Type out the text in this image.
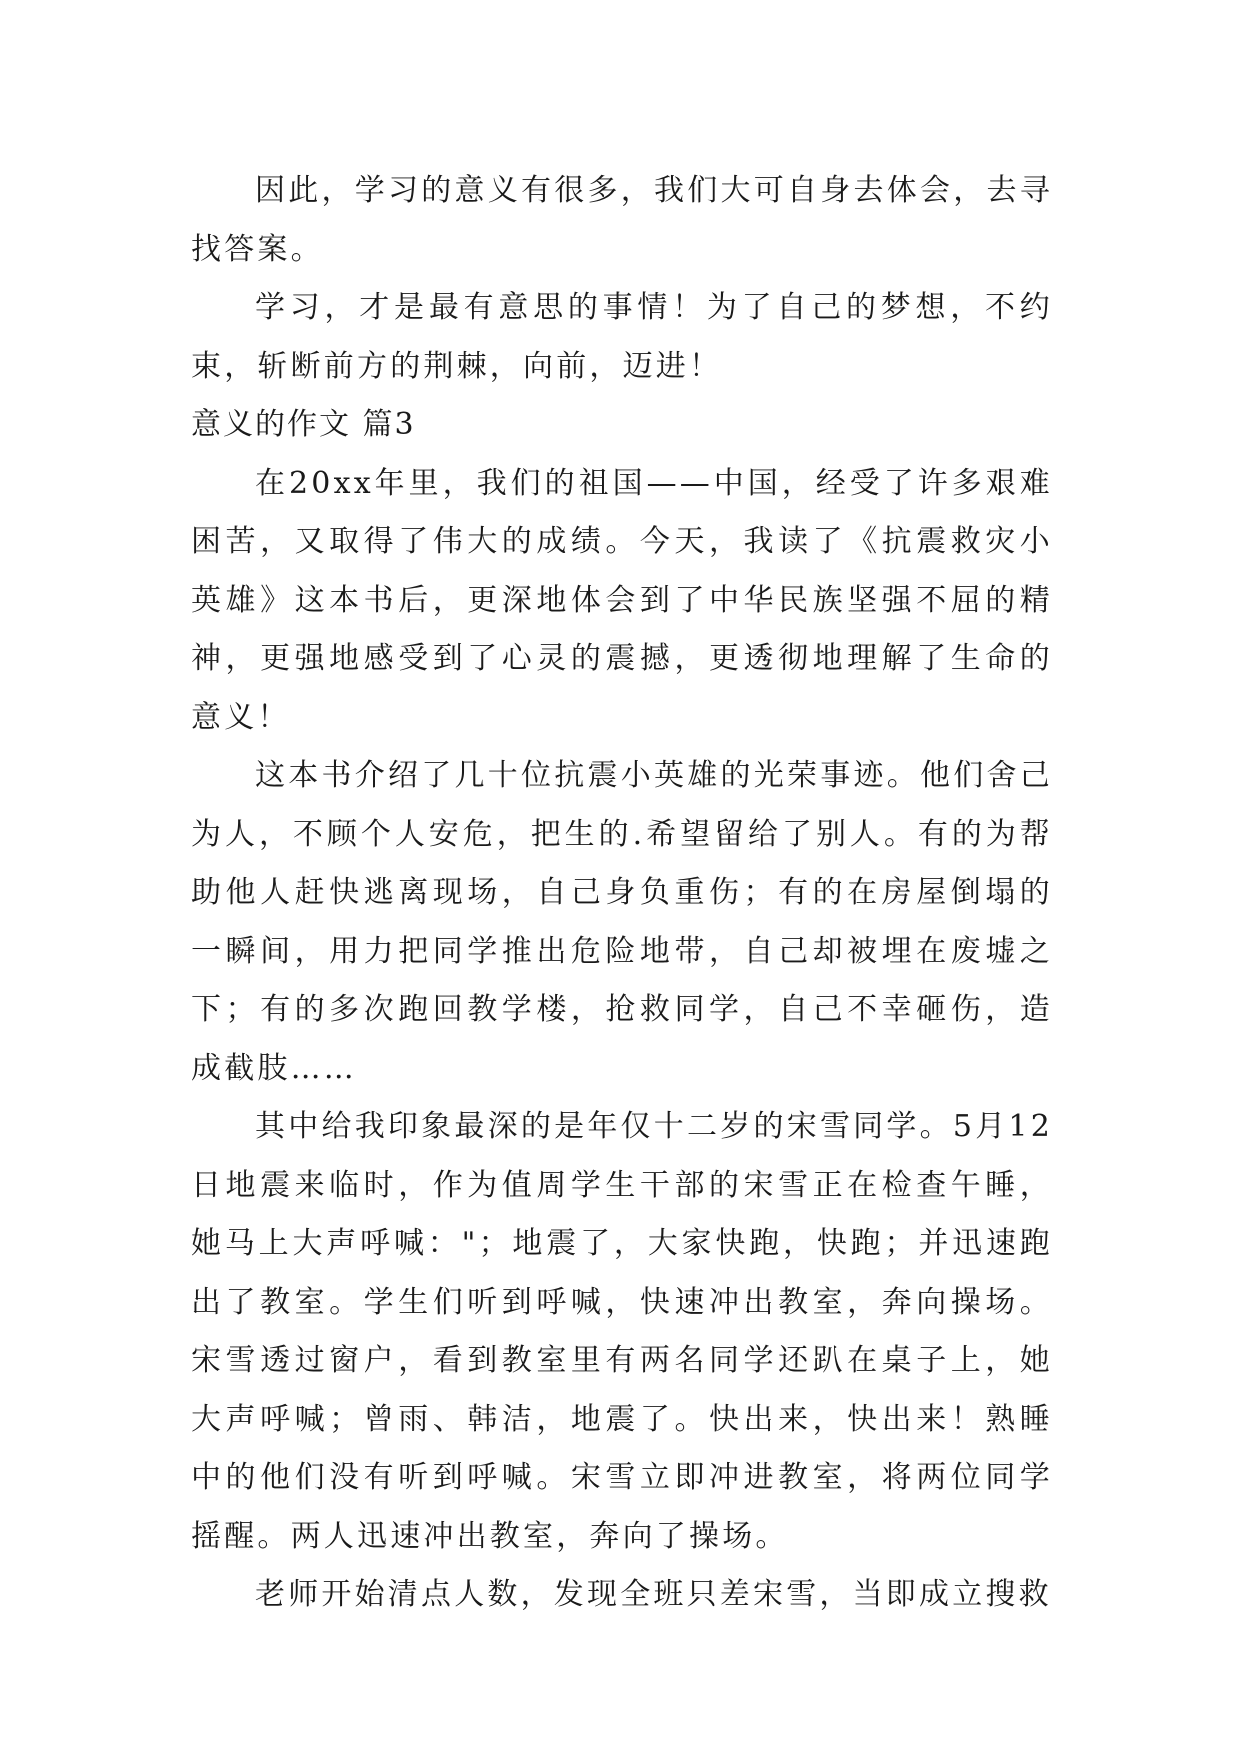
因此，学习的意义有很多，我们大可自身去体会，去寻找答案。

学习，才是最有意思的事情！为了自己的梦想，不约束，斩断前方的荆棘，向前，迈进！

意义的作文 篇3

在20xx年里，我们的祖国——中国，经受了许多艰难困苦，又取得了伟大的成绩。今天，我读了《抗震救灾小英雄》这本书后，更深地体会到了中华民族坚强不屈的精神，更强地感受到了心灵的震撼，更透彻地理解了生命的意义！

这本书介绍了几十位抗震小英雄的光荣事迹。他们舍己为人，不顾个人安危，把生的.希望留给了别人。有的为帮助他人赶快逃离现场，自己身负重伤；有的在房屋倒塌的一瞬间，用力把同学推出危险地带，自己却被埋在废墟之下；有的多次跑回教学楼，抢救同学，自己不幸砸伤，造成截肢……

其中给我印象最深的是年仅十二岁的宋雪同学。5月12日地震来临时，作为值周学生干部的宋雪正在检查午睡，她马上大声呼喊："；地震了，大家快跑，快跑；并迅速跑出了教室。学生们听到呼喊，快速冲出教室，奔向操场。宋雪透过窗户，看到教室里有两名同学还趴在桌子上，她大声呼喊；曾雨、韩洁，地震了。快出来，快出来！熟睡中的他们没有听到呼喊。宋雪立即冲进教室，将两位同学摇醒。两人迅速冲出教室，奔向了操场。

老师开始清点人数，发现全班只差宋雪，当即成立搜救
